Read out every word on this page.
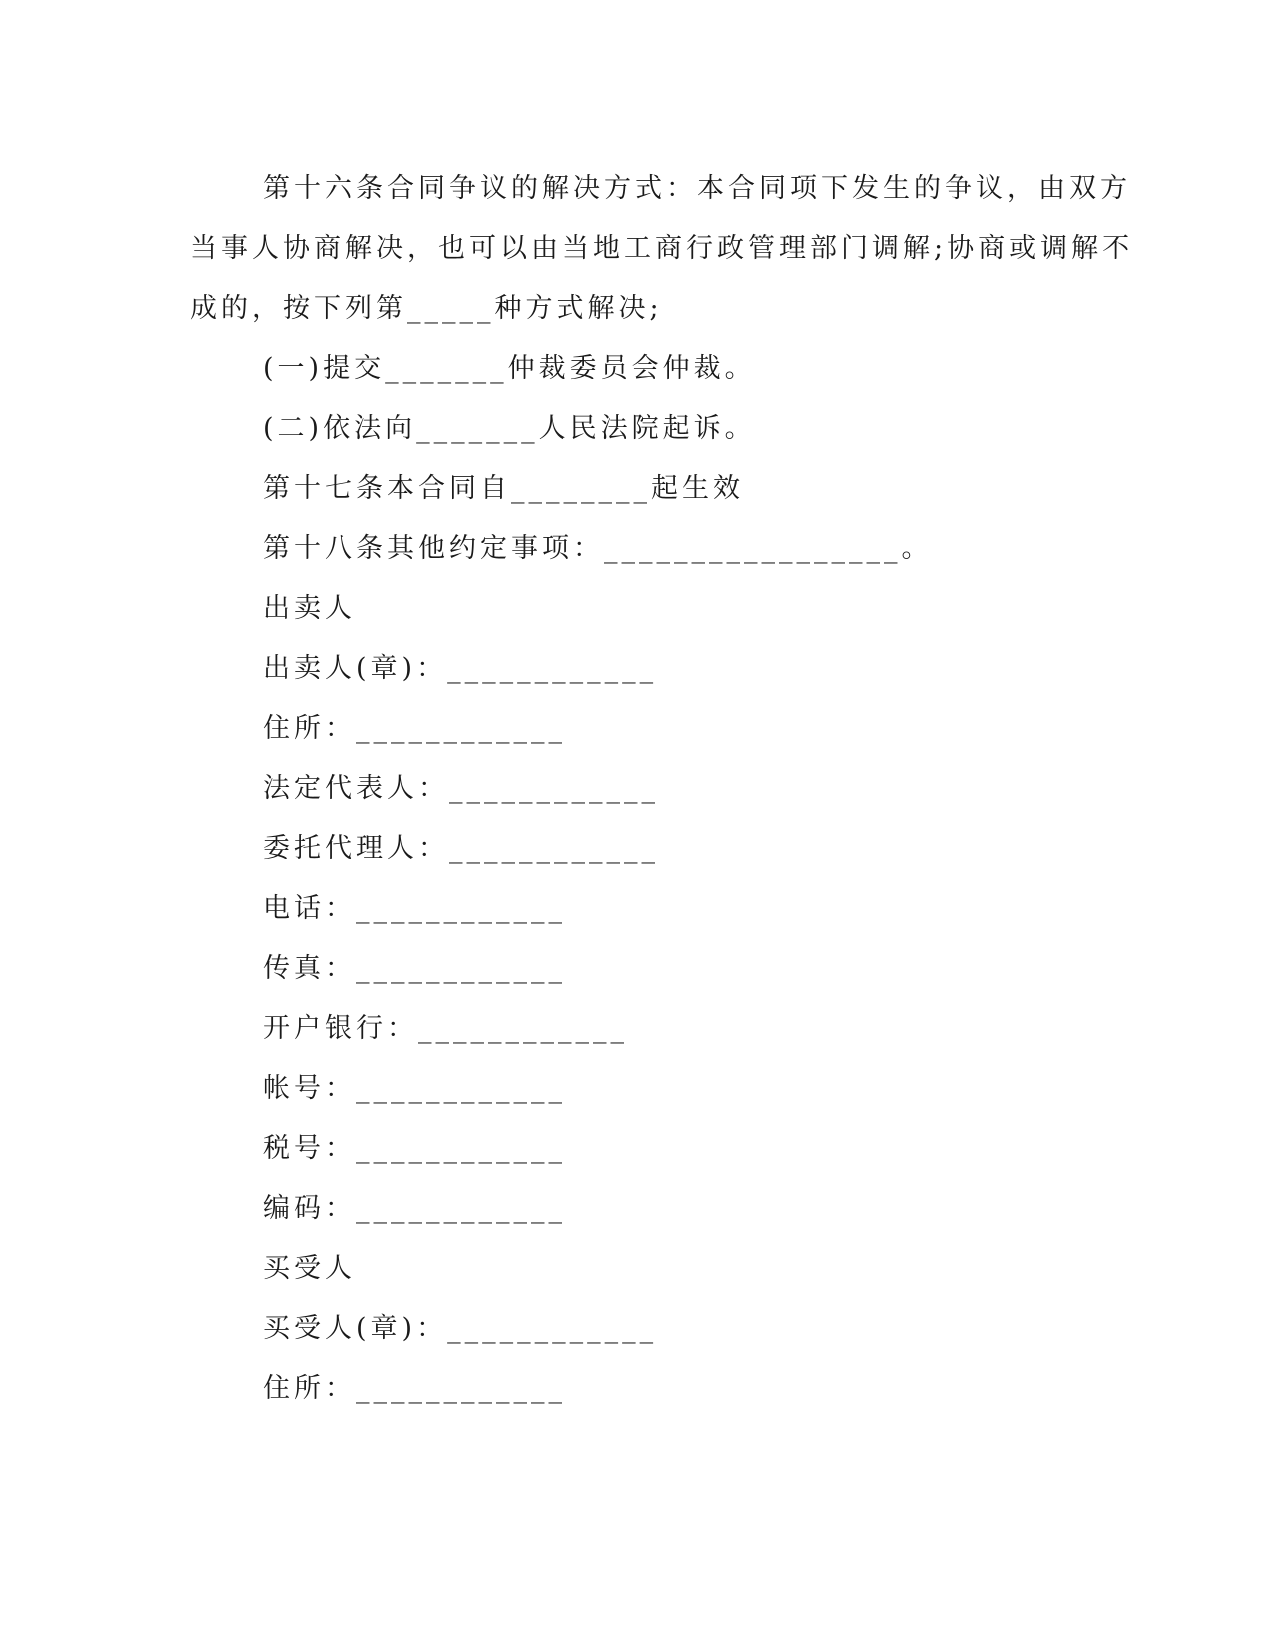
第十六条合同争议的解决方式：本合同项下发生的争议，由双方
当事人协商解决，也可以由当地工商行政管理部门调解;协商或调解不
成的，按下列第_____种方式解决;
(一)提交_______仲裁委员会仲裁。
(二)依法向_______人民法院起诉。
第十七条本合同自________起生效
第十八条其他约定事项：_________________。
出卖人
出卖人(章)：____________
住所：____________
法定代表人：____________
委托代理人：____________
电话：____________
传真：____________
开户银行：____________
帐号：____________
税号：____________
编码：____________
买受人
买受人(章)：____________
住所：____________
